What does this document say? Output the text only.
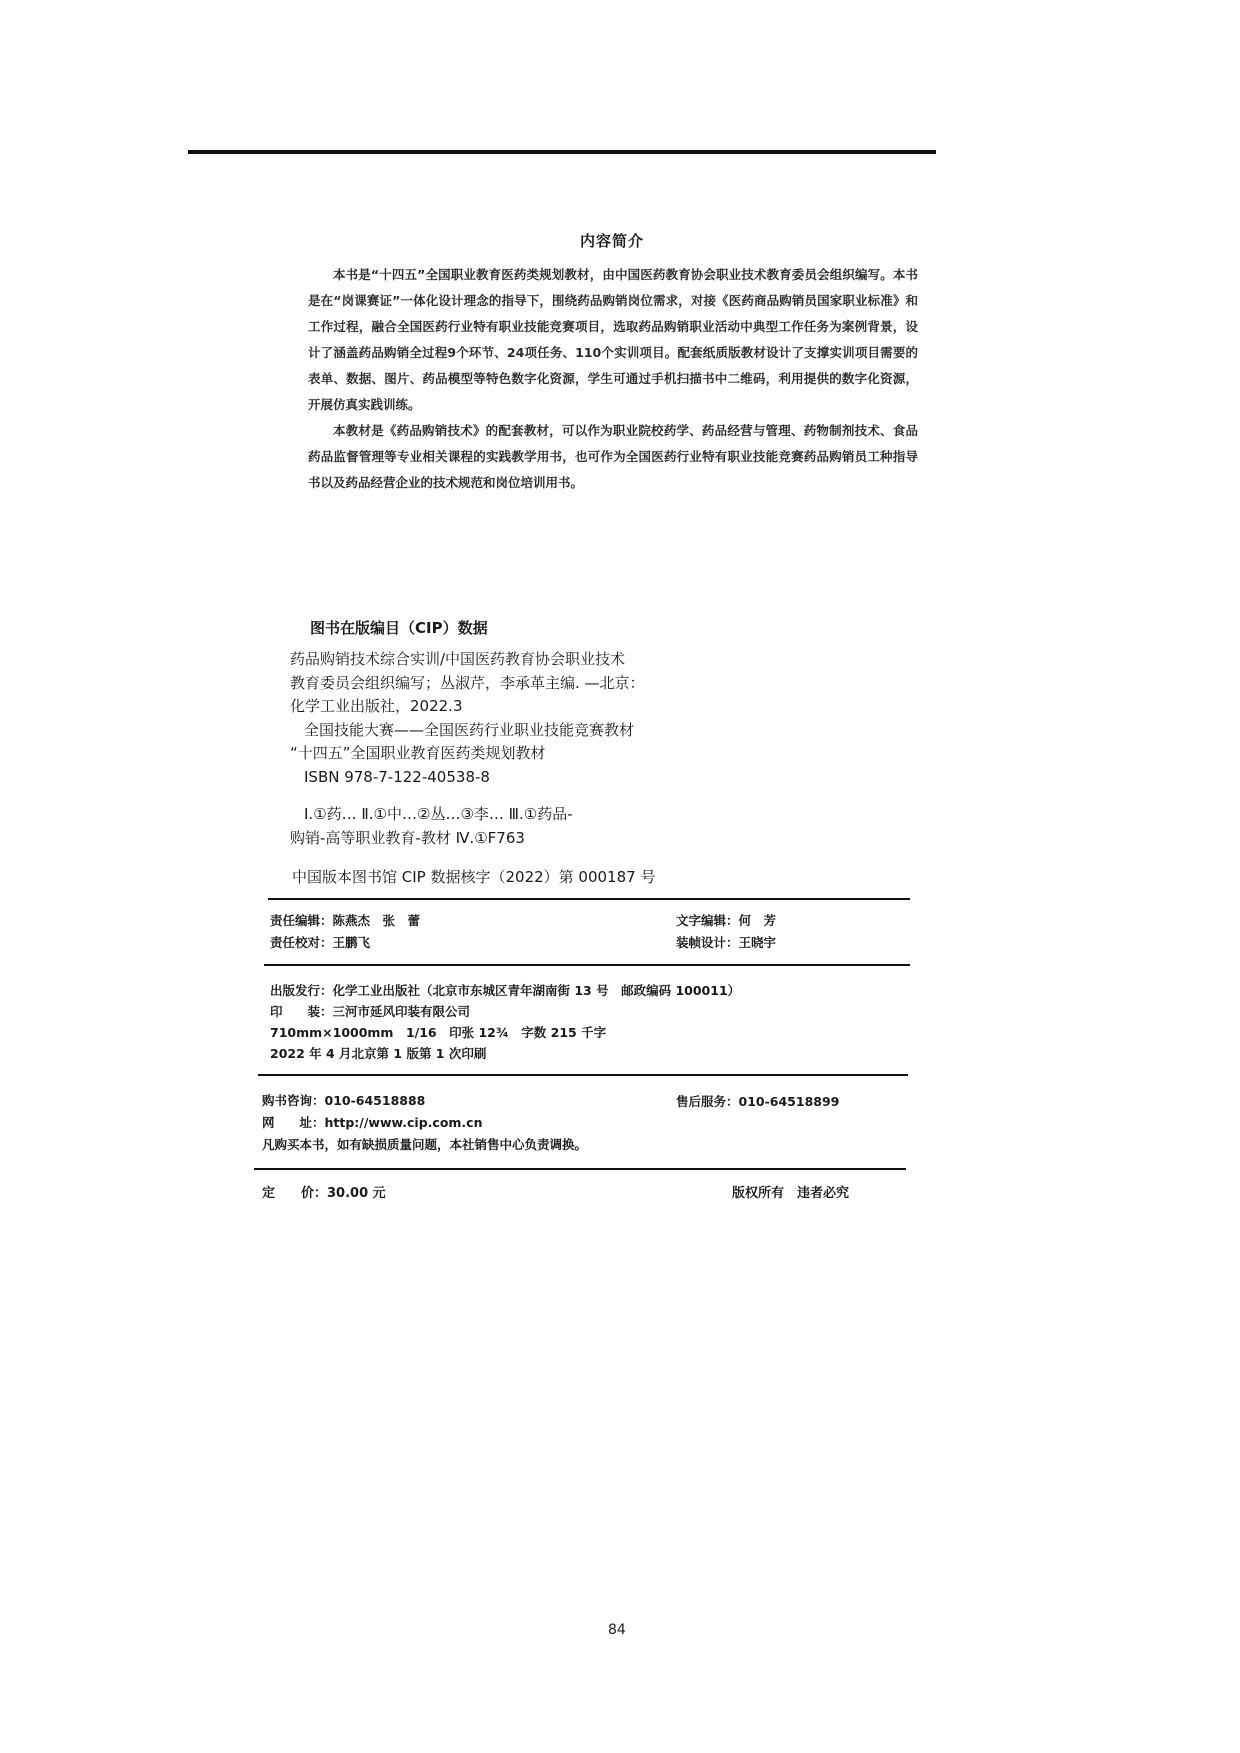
内容简介

本书是“十四五”全国职业教育医药类规划教材，由中国医药教育协会职业技术教育委员会组织编写。本书是在“岗课赛证”一体化设计理念的指导下，围绕药品购销岗位需求，对接《医药商品购销员国家职业标准》和工作过程，融合全国医药行业特有职业技能竞赛项目，选取药品购销职业活动中典型工作任务为案例背景，设计了涵盖药品购销全过程9个环节、24项任务、110个实训项目。配套纸质版教材设计了支撑实训项目需要的表单、数据、图片、药品模型等特色数字化资源，学生可通过手机扫描书中二维码，利用提供的数字化资源，开展仿真实践训练。

本教材是《药品购销技术》的配套教材，可以作为职业院校药学、药品经营与管理、药物制剂技术、食品药品监督管理等专业相关课程的实践教学用书，也可作为全国医药行业特有职业技能竞赛药品购销员工种指导书以及药品经营企业的技术规范和岗位培训用书。

图书在版编目（CIP）数据
药品购销技术综合实训/中国医药教育协会职业技术
教育委员会组织编写；丛淑芹，李承革主编. —北京：
化学工业出版社，2022.3
全国技能大赛——全国医药行业职业技能竞赛教材
“十四五”全国职业教育医药类规划教材
ISBN 978-7-122-40538-8
Ⅰ.①药… Ⅱ.①中…②丛…③李… Ⅲ.①药品-
购销-高等职业教育-教材 Ⅳ.①F763
中国版本图书馆 CIP 数据核字（2022）第 000187 号
责任编辑：陈燕杰　张　蕾
责任校对：王鹏飞
文字编辑：何　芳
装帧设计：王晓宇
出版发行：化学工业出版社（北京市东城区青年湖南街 13 号　邮政编码 100011）
印　　装：三河市延风印装有限公司
710mm×1000mm　1/16　印张 12¾　字数 215 千字
2022 年 4 月北京第 1 版第 1 次印刷
购书咨询：010-64518888
网　　址：http://www.cip.com.cn
凡购买本书，如有缺损质量问题，本社销售中心负责调换。
售后服务：010-64518899
定　　价：30.00 元	版权所有　违者必究
84
